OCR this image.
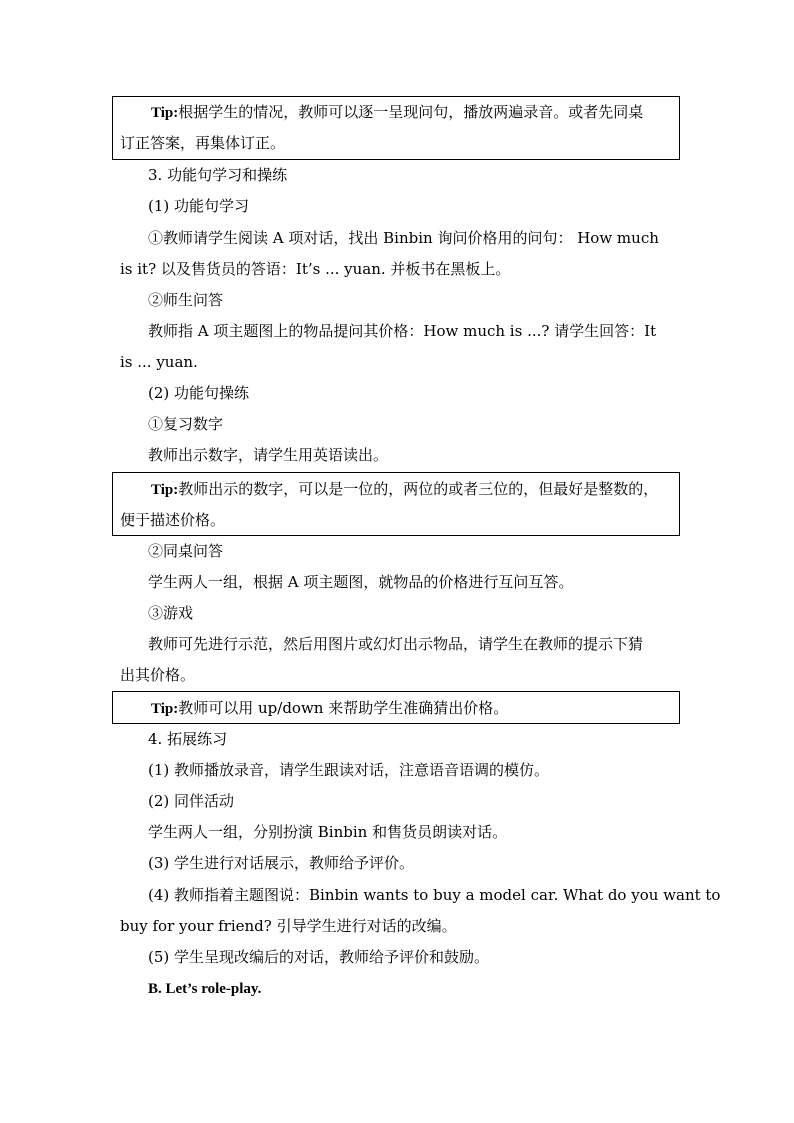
Tip:根据学生的情况，教师可以逐一呈现问句，播放两遍录音。或者先同桌
订正答案，再集体订正。
3. 功能句学习和操练
(1) 功能句学习
①教师请学生阅读 A 项对话，找出 Binbin 询问价格用的问句： How much
is it? 以及售货员的答语：It’s ... yuan. 并板书在黑板上。
②师生问答
教师指 A 项主题图上的物品提问其价格：How much is ...? 请学生回答：It
is ... yuan.
(2) 功能句操练
①复习数字
教师出示数字，请学生用英语读出。
Tip:教师出示的数字，可以是一位的，两位的或者三位的，但最好是整数的，
便于描述价格。
②同桌问答
学生两人一组，根据 A 项主题图，就物品的价格进行互问互答。
③游戏
教师可先进行示范，然后用图片或幻灯出示物品，请学生在教师的提示下猜
出其价格。
Tip:教师可以用 up/down 来帮助学生准确猜出价格。
4. 拓展练习
(1) 教师播放录音，请学生跟读对话，注意语音语调的模仿。
(2) 同伴活动
学生两人一组，分别扮演 Binbin 和售货员朗读对话。
(3) 学生进行对话展示，教师给予评价。
(4) 教师指着主题图说：Binbin wants to buy a model car. What do you want to
buy for your friend? 引导学生进行对话的改编。
(5) 学生呈现改编后的对话，教师给予评价和鼓励。
B. Let’s role-play.
